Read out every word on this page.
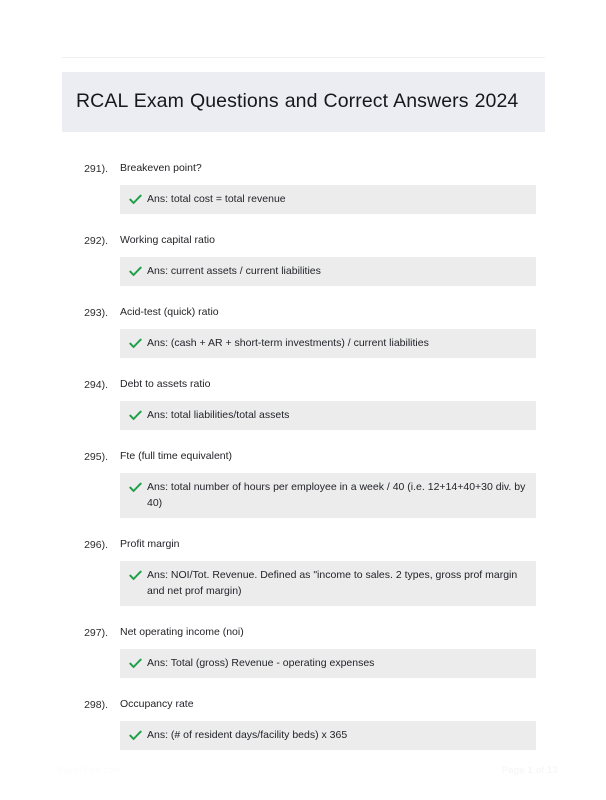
RCAL Exam Questions and Correct Answers 2024
291). Breakeven point?
Ans: total cost = total revenue
292). Working capital ratio
Ans: current assets / current liabilities
293). Acid-test (quick) ratio
Ans: (cash + AR + short-term investments) / current liabilities
294). Debt to assets ratio
Ans: total liabilities/total assets
295). Fte (full time equivalent)
Ans: total number of hours per employee in a week / 40 (i.e. 12+14+40+30 div. by 40)
296). Profit margin
Ans: NOI/Tot. Revenue. Defined as "income to sales. 2 types, gross prof margin and net prof margin)
297). Net operating income (noi)
Ans: Total (gross) Revenue - operating expenses
298). Occupancy rate
Ans: (# of resident days/facility beds) x 365
PaperTitle.com	Page 1 of 13
